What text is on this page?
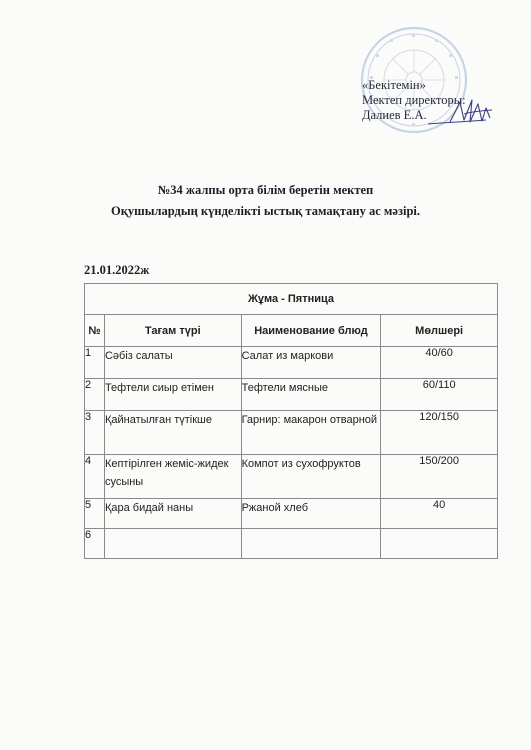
«Бекітемін»
Мектеп директоры:
Далиев Е.А.
№34 жалпы орта білім беретін мектеп
Оқушылардың күнделікті ыстық тамақтану ас мәзірі.
21.01.2022ж
Жұма - Пятница			
№	Тағам түрі	Наименование блюд	Мөлшері
1	Сәбіз салаты	Салат из маркови	40/60
2	Тефтели сиыр етімен	Тефтели мясные	60/110
3	Қайнатылған түтікше	Гарнир: макарон отварной	120/150
4	Кептірілген жеміс-жидек сусыны	Компот из сухофруктов	150/200
5	Қара бидай наны	Ржаной хлеб	40
6			
